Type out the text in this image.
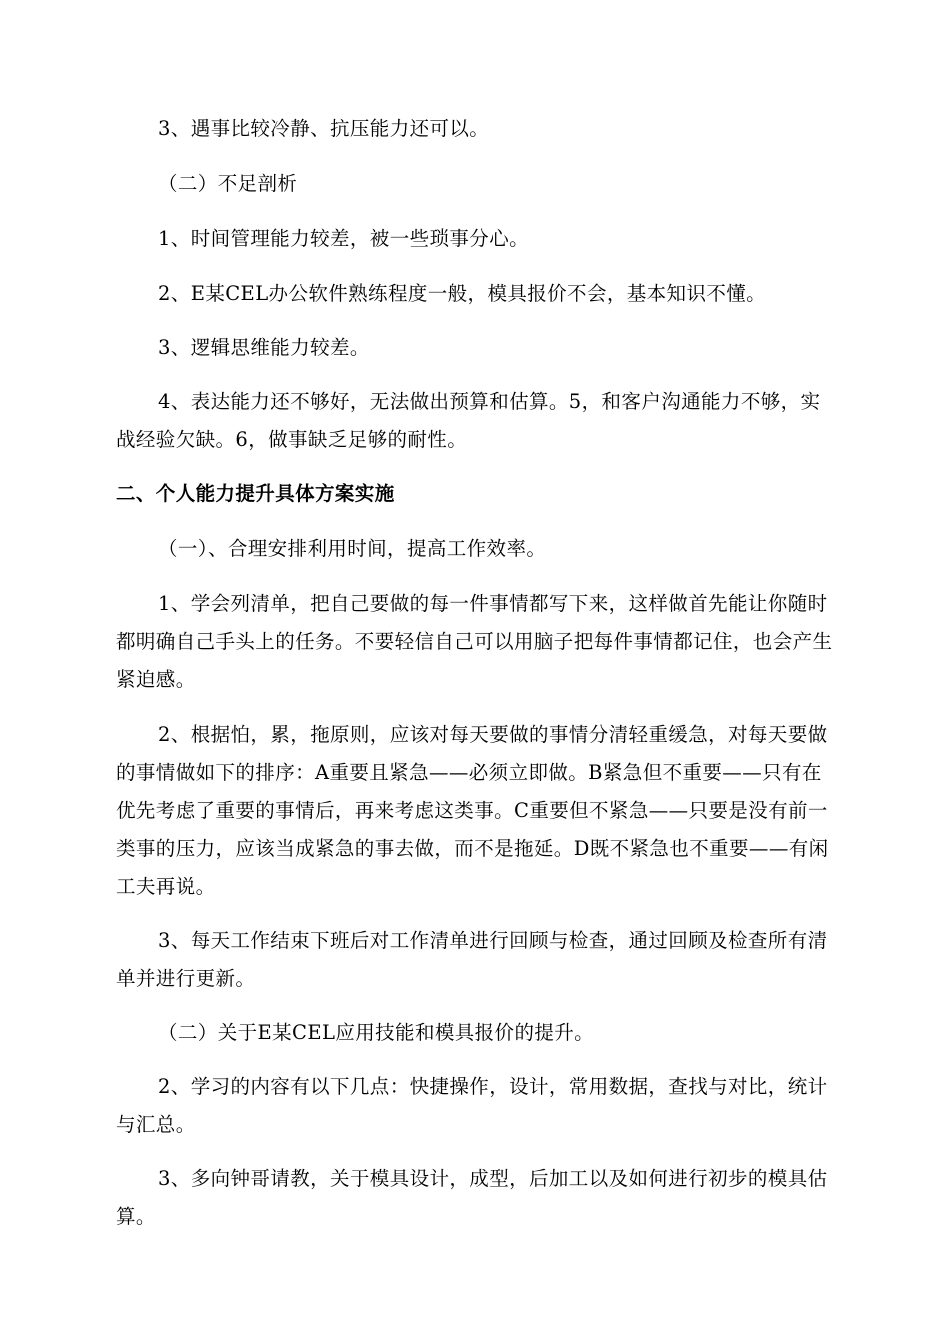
3、遇事比较冷静、抗压能力还可以。

（二）不足剖析

1、时间管理能力较差，被一些琐事分心。

2、E某CEL办公软件熟练程度一般，模具报价不会，基本知识不懂。

3、逻辑思维能力较差。

4、表达能力还不够好，无法做出预算和估算。5，和客户沟通能力不够，实战经验欠缺。6，做事缺乏足够的耐性。

二、个人能力提升具体方案实施

（一）、合理安排利用时间，提高工作效率。

1、学会列清单，把自己要做的每一件事情都写下来，这样做首先能让你随时都明确自己手头上的任务。不要轻信自己可以用脑子把每件事情都记住，也会产生紧迫感。

2、根据怕，累，拖原则，应该对每天要做的事情分清轻重缓急，对每天要做的事情做如下的排序：A重要且紧急——必须立即做。B紧急但不重要——只有在优先考虑了重要的事情后，再来考虑这类事。C重要但不紧急——只要是没有前一类事的压力，应该当成紧急的事去做，而不是拖延。D既不紧急也不重要——有闲工夫再说。

3、每天工作结束下班后对工作清单进行回顾与检查，通过回顾及检查所有清单并进行更新。

（二）关于E某CEL应用技能和模具报价的提升。

2、学习的内容有以下几点：快捷操作，设计，常用数据，查找与对比，统计与汇总。

3、多向钟哥请教，关于模具设计，成型，后加工以及如何进行初步的模具估算。
